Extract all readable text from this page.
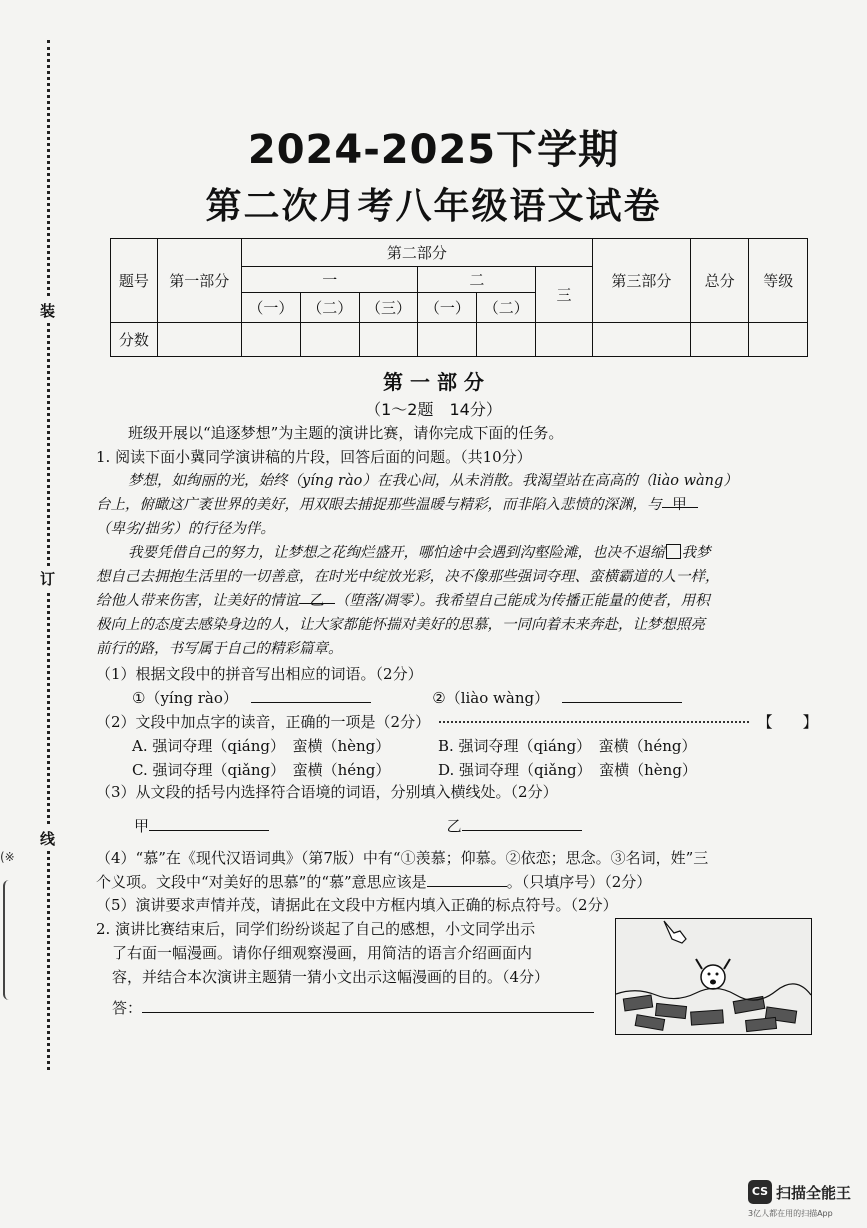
装
订
线
(※
2024-2025下学期
第二次月考八年级语文试卷
题号	第一部分	第二部分						第三部分	总分	等级
		一			二		三			
		（一）	（二）	（三）	（一）	（二）				
分数										
第 一 部 分
（1～2题　14分）
班级开展以“追逐梦想”为主题的演讲比赛，请你完成下面的任务。
1. 阅读下面小冀同学演讲稿的片段，回答后面的问题。（共10分）
梦想，如绚丽的光，始终（yíng rào）在我心间，从未消散。我渴望站在高高的（liào wàng）
台上，俯瞰这广袤世界的美好，用双眼去捕捉那些温暖与精彩，而非陷入悲愤的深渊，与 甲
（卑劣/拙劣）的行径为伴。
我要凭借自己的努力，让梦想之花绚烂盛开，哪怕途中会遇到沟壑险滩，也决不退缩 我梦
想自己去拥抱生活里的一切善意，在时光中绽放光彩，决不像那些强词夺理、蛮横霸道的人一样，
给他人带来伤害，让美好的情谊 乙 （堕落/凋零）。我希望自己能成为传播正能量的使者，用积
极向上的态度去感染身边的人，让大家都能怀揣对美好的思慕，一同向着未来奔赴，让梦想照亮
前行的路，书写属于自己的精彩篇章。
（1）根据文段中的拼音写出相应的词语。（2分）
①（yíng rào）	②（liào wàng）
（2）文段中加点字的读音，正确的一项是（2分）	【　　】
A. 强词夺理（qiáng）　蛮横（hèng）	B. 强词夺理（qiáng）　蛮横（héng）
C. 强词夺理（qiǎng）　蛮横（héng）	D. 强词夺理（qiǎng）　蛮横（hèng）
（3）从文段的括号内选择符合语境的词语，分别填入横线处。（2分）
甲	乙
（4）“慕”在《现代汉语词典》（第7版）中有“①羡慕；仰慕。②依恋；思念。③名词，姓”三
个义项。文段中“对美好的思慕”的“慕”意思应该是	。（只填序号）（2分）
（5）演讲要求声情并茂，请据此在文段中方框内填入正确的标点符号。（2分）
2. 演讲比赛结束后，同学们纷纷谈起了自己的感想，小文同学出示
了右面一幅漫画。请你仔细观察漫画，用简洁的语言介绍画面内
容，并结合本次演讲主题猜一猜小文出示这幅漫画的目的。（4分）
答：
CS 扫描全能王
3亿人都在用的扫描App
